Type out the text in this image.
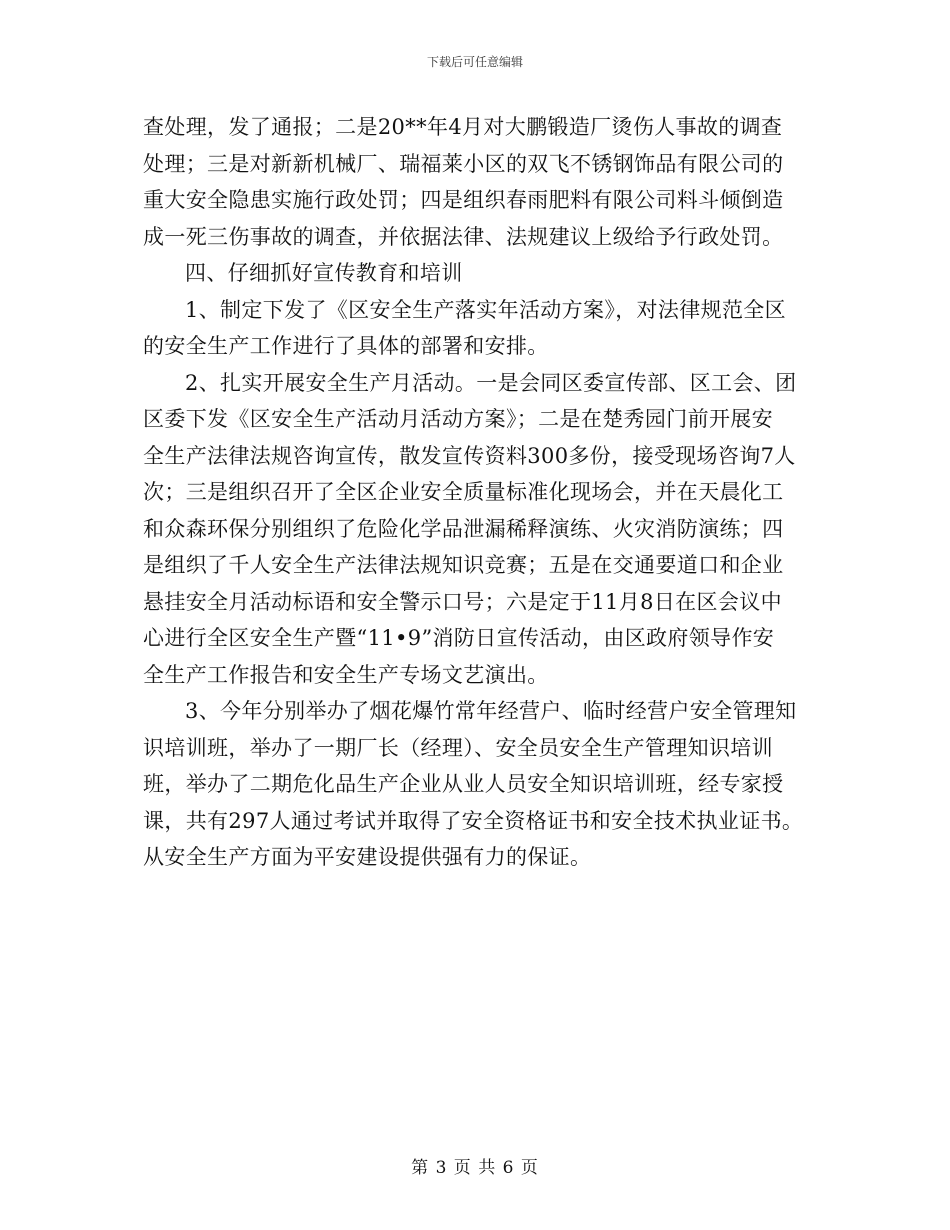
下载后可任意编辑
查处理，发了通报；二是20**年4月对大鹏锻造厂烫伤人事故的调查
处理；三是对新新机械厂、瑞福莱小区的双飞不锈钢饰品有限公司的
重大安全隐患实施行政处罚；四是组织春雨肥料有限公司料斗倾倒造
成一死三伤事故的调查，并依据法律、法规建议上级给予行政处罚。
四、仔细抓好宣传教育和培训
1、制定下发了《区安全生产落实年活动方案》，对法律规范全区
的安全生产工作进行了具体的部署和安排。
2、扎实开展安全生产月活动。一是会同区委宣传部、区工会、团
区委下发《区安全生产活动月活动方案》；二是在楚秀园门前开展安
全生产法律法规咨询宣传，散发宣传资料300多份，接受现场咨询7人
次；三是组织召开了全区企业安全质量标准化现场会，并在天晨化工
和众森环保分别组织了危险化学品泄漏稀释演练、火灾消防演练；四
是组织了千人安全生产法律法规知识竞赛；五是在交通要道口和企业
悬挂安全月活动标语和安全警示口号；六是定于11月8日在区会议中
心进行全区安全生产暨“11•9”消防日宣传活动，由区政府领导作安
全生产工作报告和安全生产专场文艺演出。
3、今年分别举办了烟花爆竹常年经营户、临时经营户安全管理知
识培训班，举办了一期厂长（经理）、安全员安全生产管理知识培训
班，举办了二期危化品生产企业从业人员安全知识培训班，经专家授
课，共有297人通过考试并取得了安全资格证书和安全技术执业证书。
从安全生产方面为平安建设提供强有力的保证。
第 3 页 共 6 页
